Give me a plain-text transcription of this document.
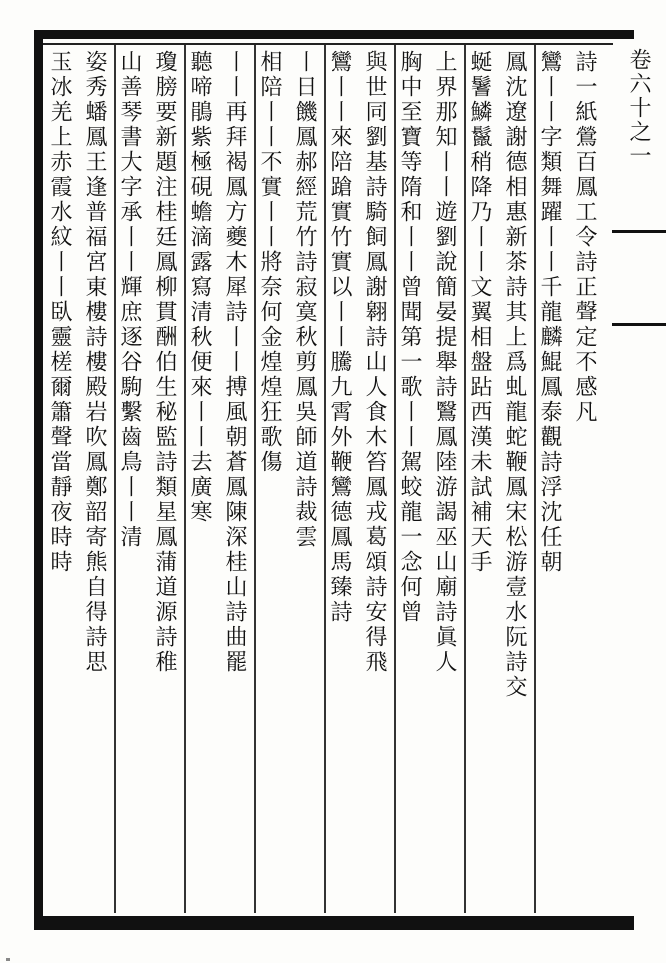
卷六十之一
詩一紙鶯百鳳工令詩正聲定不感凡
鸞丨丨字類舞躍丨丨千龍麟鯤鳳泰觀詩浮沈任朝
鳳沈遼謝德相惠新茶詩其上爲虬龍蛇鞭鳳宋松游壹水阮詩交
蜒鬐鱗鬣稍降乃丨丨文翼相盤跕西漢未試補天手
上界那知丨丨遊劉說簡晏提舉詩鷖鳳陸游謁巫山廟詩眞人
胸中至寶等隋和丨丨曾聞第一歌丨丨駕蛟龍一念何曾
與世同劉基詩騎飼鳳謝翱詩山人食木笞鳳戎葛頌詩安得飛
鸞丨丨來陪蹌實竹實以丨丨騰九霄外鞭鸞德鳳馬臻詩
丨日饑鳳郝經荒竹詩寂寞秋剪鳳吳師道詩裁雲
相陪丨丨不實丨丨將奈何金煌煌狂歌傷
丨丨再拜褐鳳方夔木犀詩丨丨搏風朝蒼鳳陳深桂山詩曲罷
聽啼鵑紫極硯蟾滴露寫清秋便來丨丨去廣寒
瓊膀要新題注桂廷鳳柳貫酬伯生秘監詩類星鳳蒲道源詩稚
山善琴書大字承丨丨輝庶逐谷駒繫齒鳥丨丨清
姿秀蟠鳳王逢普福宮東樓詩樓殿岩吹鳳鄭韶寄熊自得詩思
玉冰羌上赤霞水紋丨丨臥靈槎爾簫聲當靜夜時時
